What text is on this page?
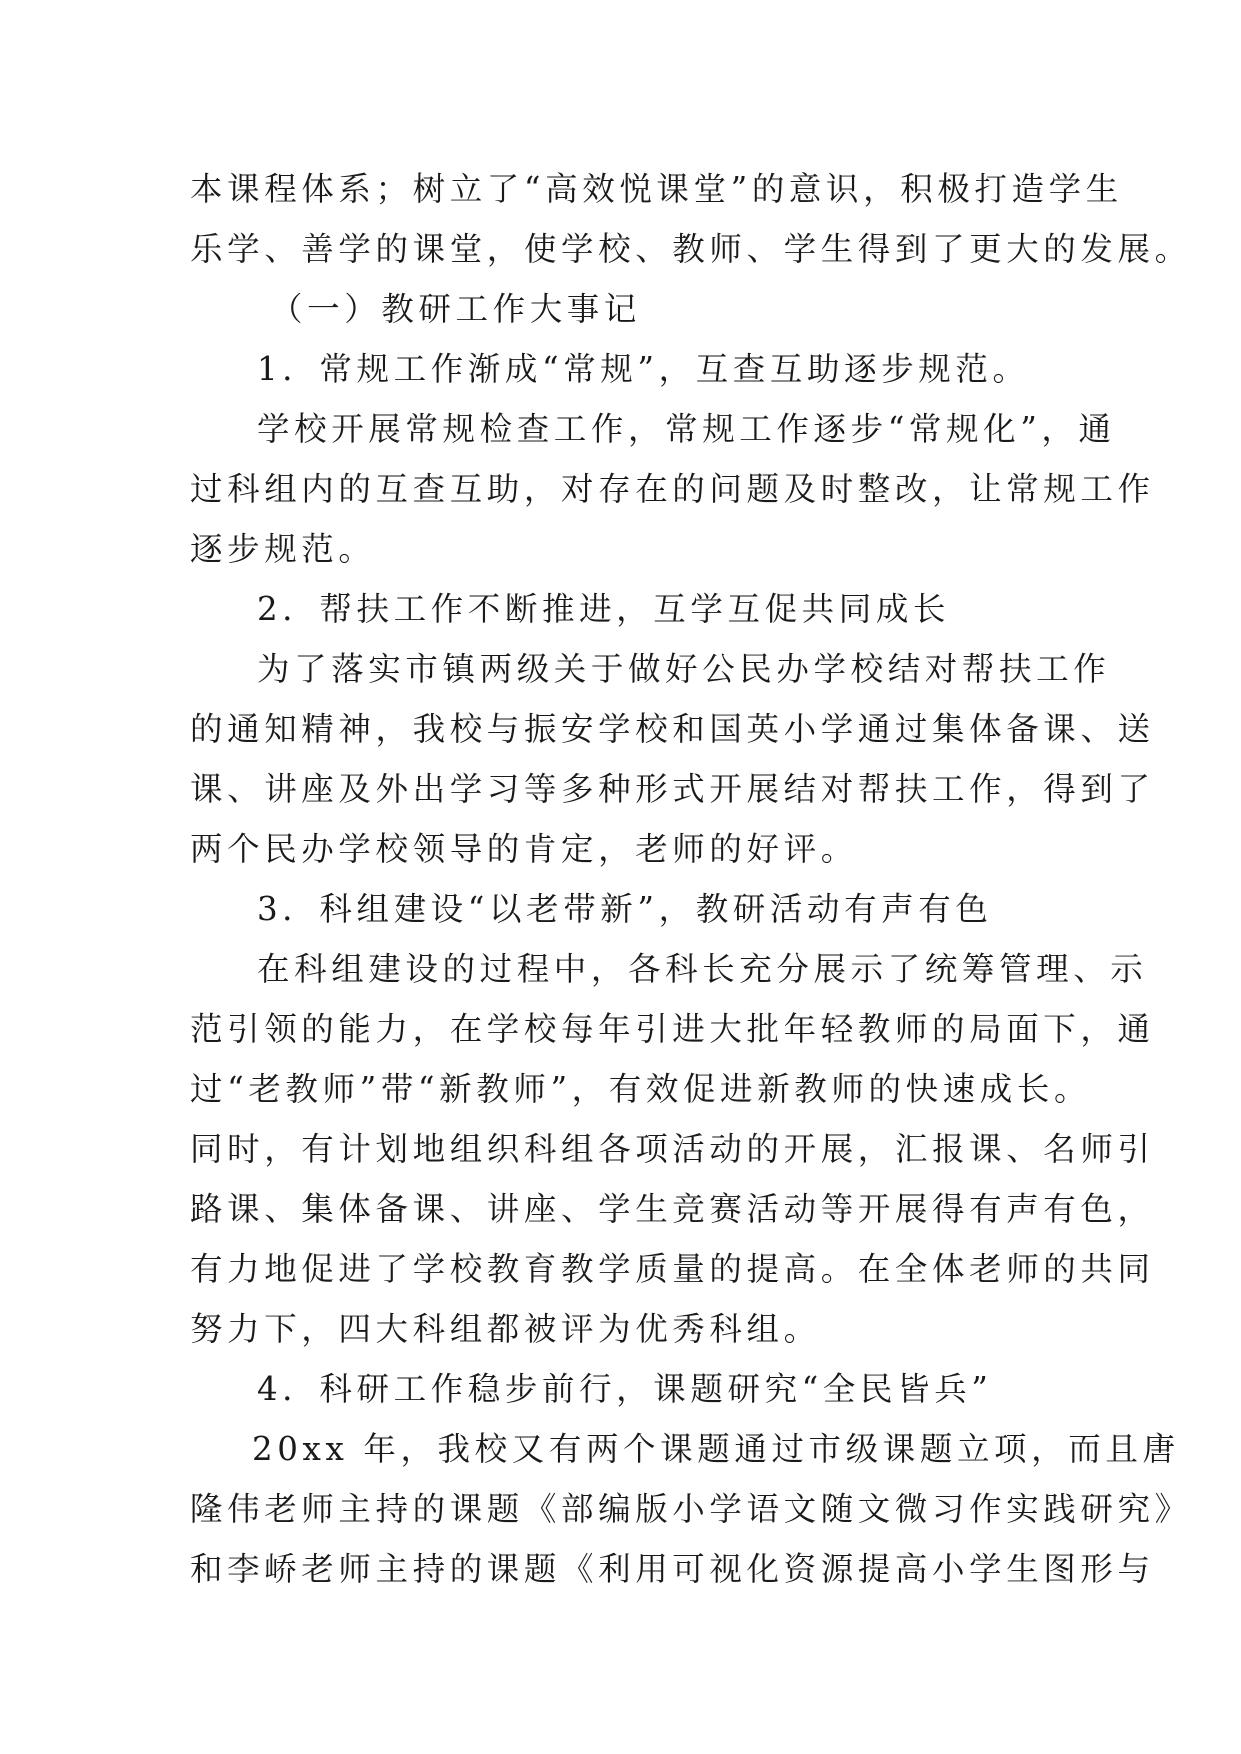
本课程体系；树立了“高效悦课堂”的意识，积极打造学生
乐学、善学的课堂，使学校、教师、学生得到了更大的发展。
（一）教研工作大事记
1．常规工作渐成“常规”，互查互助逐步规范。
学校开展常规检查工作，常规工作逐步“常规化”，通
过科组内的互查互助，对存在的问题及时整改，让常规工作
逐步规范。
2．帮扶工作不断推进，互学互促共同成长
为了落实市镇两级关于做好公民办学校结对帮扶工作
的通知精神，我校与振安学校和国英小学通过集体备课、送
课、讲座及外出学习等多种形式开展结对帮扶工作，得到了
两个民办学校领导的肯定，老师的好评。
3．科组建设“以老带新”，教研活动有声有色
在科组建设的过程中，各科长充分展示了统筹管理、示
范引领的能力，在学校每年引进大批年轻教师的局面下，通
过“老教师”带“新教师”，有效促进新教师的快速成长。
同时，有计划地组织科组各项活动的开展，汇报课、名师引
路课、集体备课、讲座、学生竞赛活动等开展得有声有色，
有力地促进了学校教育教学质量的提高。在全体老师的共同
努力下，四大科组都被评为优秀科组。
4．科研工作稳步前行，课题研究“全民皆兵”
20xx 年，我校又有两个课题通过市级课题立项，而且唐
隆伟老师主持的课题《部编版小学语文随文微习作实践研究》
和李峤老师主持的课题《利用可视化资源提高小学生图形与
